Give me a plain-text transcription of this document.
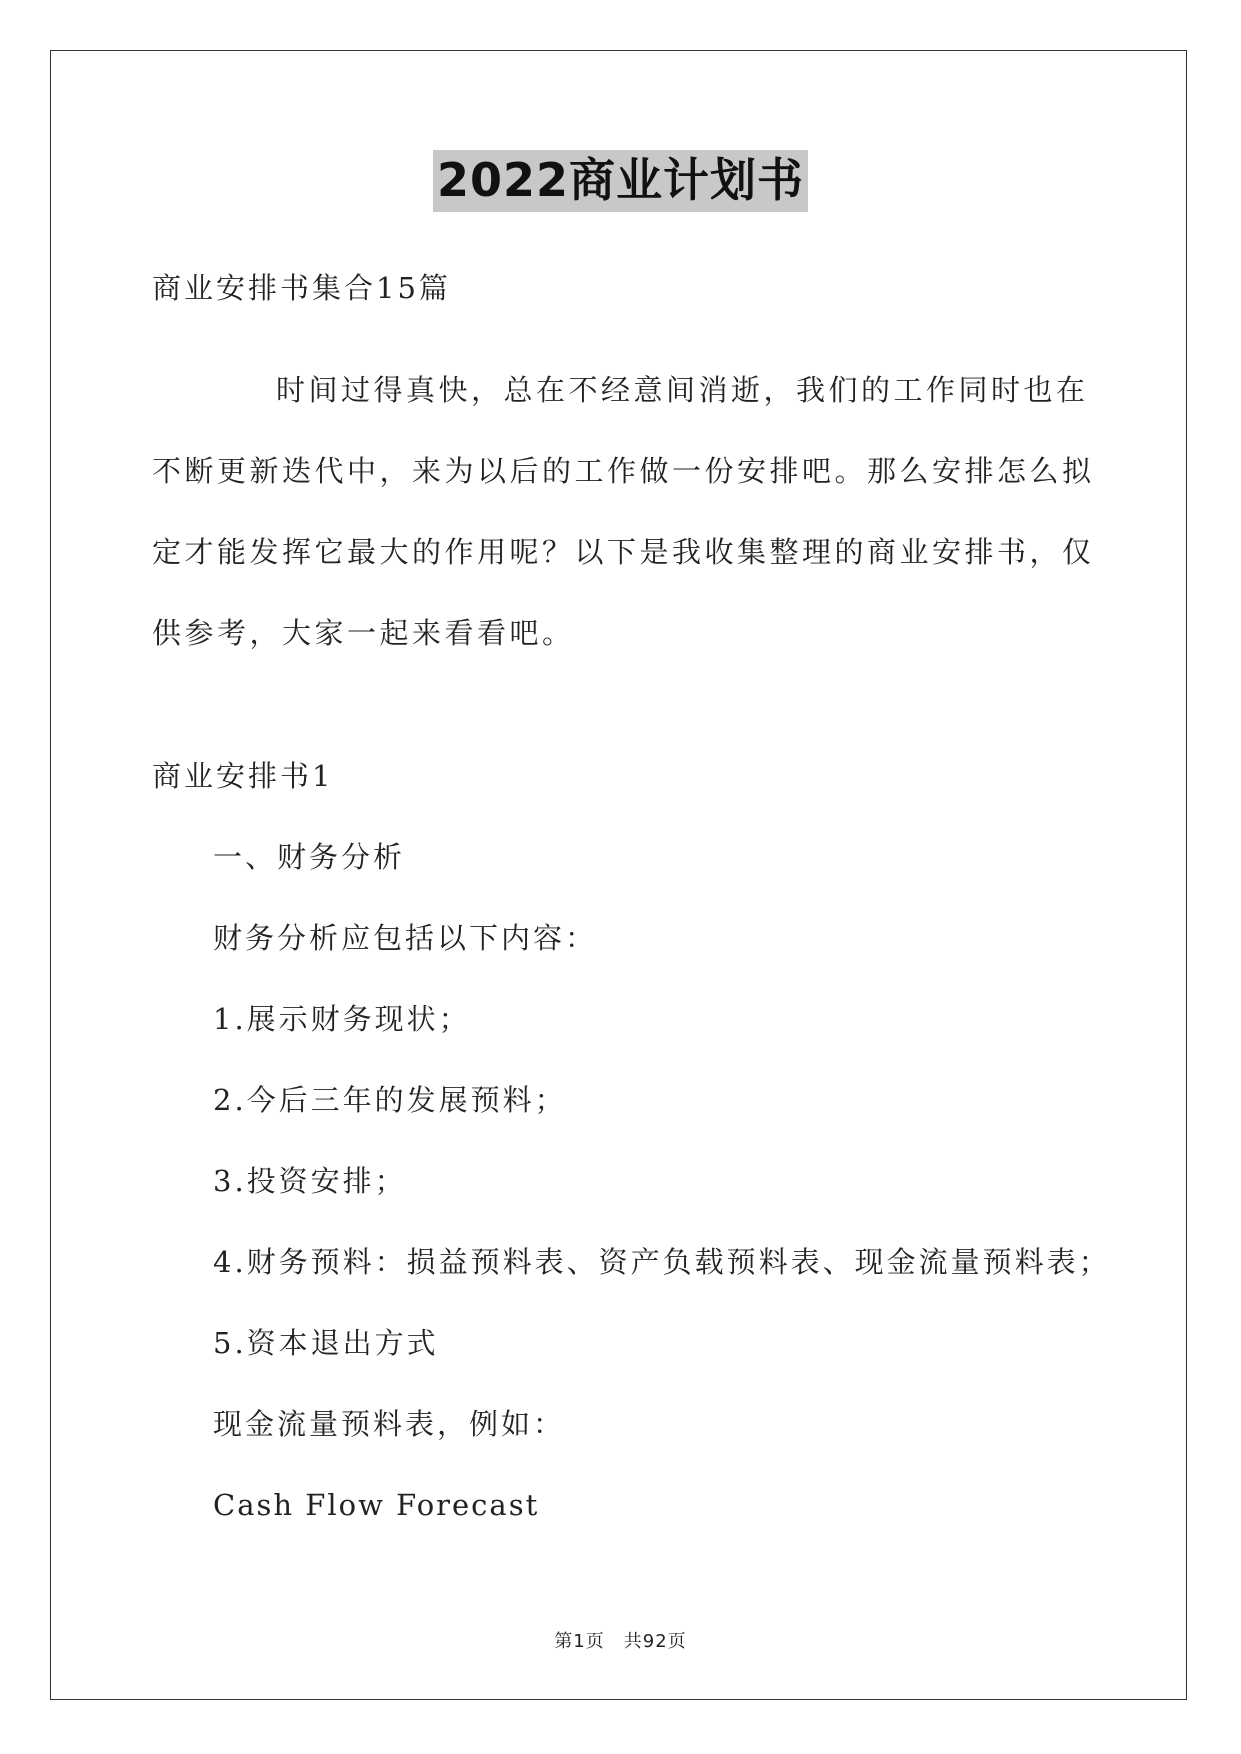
2022商业计划书
商业安排书集合15篇
时间过得真快，总在不经意间消逝，我们的工作同时也在不断更新迭代中，来为以后的工作做一份安排吧。那么安排怎么拟定才能发挥它最大的作用呢？以下是我收集整理的商业安排书，仅供参考，大家一起来看看吧。
商业安排书1
一、财务分析
财务分析应包括以下内容：
1.展示财务现状；
2.今后三年的发展预料；
3.投资安排；
4.财务预料：损益预料表、资产负载预料表、现金流量预料表；
5.资本退出方式
现金流量预料表，例如：
Cash Flow Forecast
第1页　共92页
